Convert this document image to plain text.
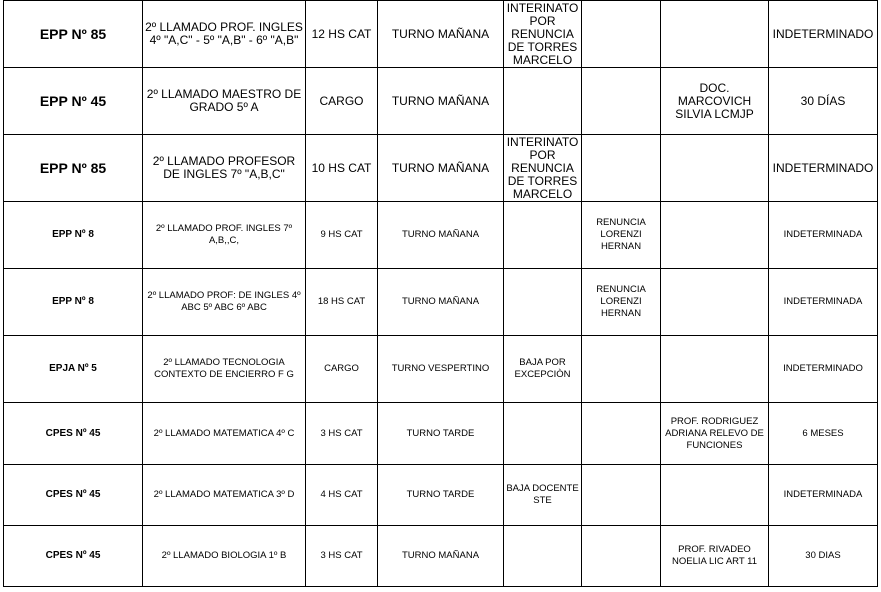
EPP Nº 85	2º LLAMADO PROF. INGLES 4º "A,C" - 5º "A,B" - 6º "A,B"	12 HS CAT	TURNO MAÑANA	INTERINATO POR RENUNCIA DE TORRES MARCELO			INDETERMINADO
EPP Nº 45	2º LLAMADO MAESTRO DE GRADO 5º A	CARGO	TURNO MAÑANA			DOC. MARCOVICH SILVIA LCMJP	30 DÍAS
EPP Nº 85	2º LLAMADO PROFESOR DE INGLES 7º "A,B,C"	10 HS CAT	TURNO MAÑANA	INTERINATO POR RENUNCIA DE TORRES MARCELO			INDETERMINADO
EPP Nº 8	2º LLAMADO PROF. INGLES 7º A,B,,C,	9 HS CAT	TURNO MAÑANA		RENUNCIA LORENZI HERNAN		INDETERMINADA
EPP Nº 8	2º LLAMADO PROF: DE INGLES 4º ABC 5º ABC 6º ABC	18 HS CAT	TURNO MAÑANA		RENUNCIA LORENZI HERNAN		INDETERMINADA
EPJA Nº 5	2º LLAMADO TECNOLOGIA CONTEXTO DE ENCIERRO F G	CARGO	TURNO VESPERTINO	BAJA POR EXCEPCIÒN			INDETERMINADO
CPES Nº 45	2º LLAMADO MATEMATICA 4º C	3 HS CAT	TURNO TARDE			PROF. RODRIGUEZ ADRIANA RELEVO DE FUNCIONES	6 MESES
CPES Nº 45	2º LLAMADO MATEMATICA 3º D	4 HS CAT	TURNO TARDE	BAJA DOCENTE STE			INDETERMINADA
CPES Nº 45	2º LLAMADO BIOLOGIA 1º B	3 HS CAT	TURNO MAÑANA			PROF. RIVADEO NOELIA LIC ART 11	30 DIAS
